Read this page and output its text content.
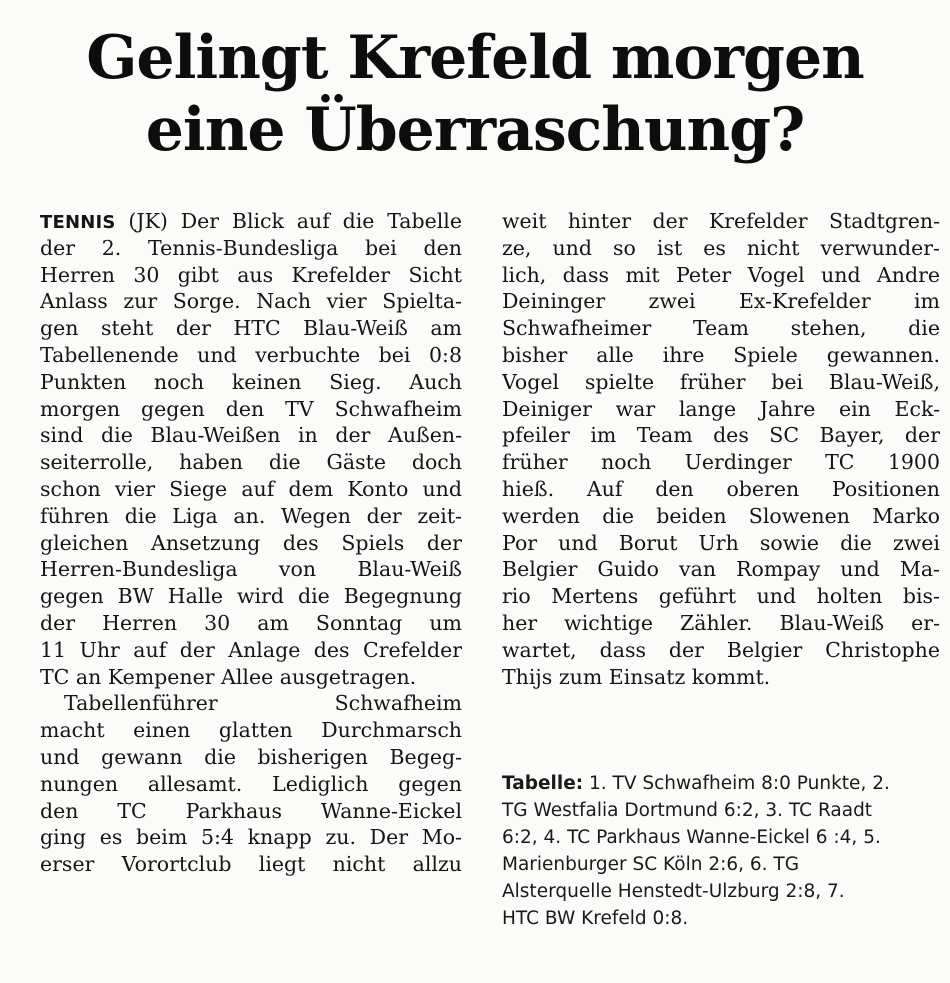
Gelingt Krefeld morgen
eine Überraschung?
TENNIS (JK) Der Blick auf die Tabelle
der 2. Tennis-Bundesliga bei den
Herren 30 gibt aus Krefelder Sicht
Anlass zur Sorge. Nach vier Spielta-
gen steht der HTC Blau-Weiß am
Tabellenende und verbuchte bei 0:8
Punkten noch keinen Sieg. Auch
morgen gegen den TV Schwafheim
sind die Blau-Weißen in der Außen-
seiterrolle, haben die Gäste doch
schon vier Siege auf dem Konto und
führen die Liga an. Wegen der zeit-
gleichen Ansetzung des Spiels der
Herren-Bundesliga von Blau-Weiß
gegen BW Halle wird die Begegnung
der Herren 30 am Sonntag um
11 Uhr auf der Anlage des Crefelder
TC an Kempener Allee ausgetragen.
Tabellenführer Schwafheim
macht einen glatten Durchmarsch
und gewann die bisherigen Begeg-
nungen allesamt. Lediglich gegen
den TC Parkhaus Wanne-Eickel
ging es beim 5:4 knapp zu. Der Mo-
erser Vorortclub liegt nicht allzu
weit hinter der Krefelder Stadtgren-
ze, und so ist es nicht verwunder-
lich, dass mit Peter Vogel und Andre
Deininger zwei Ex-Krefelder im
Schwafheimer Team stehen, die
bisher alle ihre Spiele gewannen.
Vogel spielte früher bei Blau-Weiß,
Deiniger war lange Jahre ein Eck-
pfeiler im Team des SC Bayer, der
früher noch Uerdinger TC 1900
hieß. Auf den oberen Positionen
werden die beiden Slowenen Marko
Por und Borut Urh sowie die zwei
Belgier Guido van Rompay und Ma-
rio Mertens geführt und holten bis-
her wichtige Zähler. Blau-Weiß er-
wartet, dass der Belgier Christophe
Thijs zum Einsatz kommt.
Tabelle: 1. TV Schwafheim 8:0 Punkte, 2.
TG Westfalia Dortmund 6:2, 3. TC Raadt
6:2, 4. TC Parkhaus Wanne-Eickel 6 :4, 5.
Marienburger SC Köln 2:6, 6. TG
Alsterquelle Henstedt-Ulzburg 2:8, 7.
HTC BW Krefeld 0:8.
